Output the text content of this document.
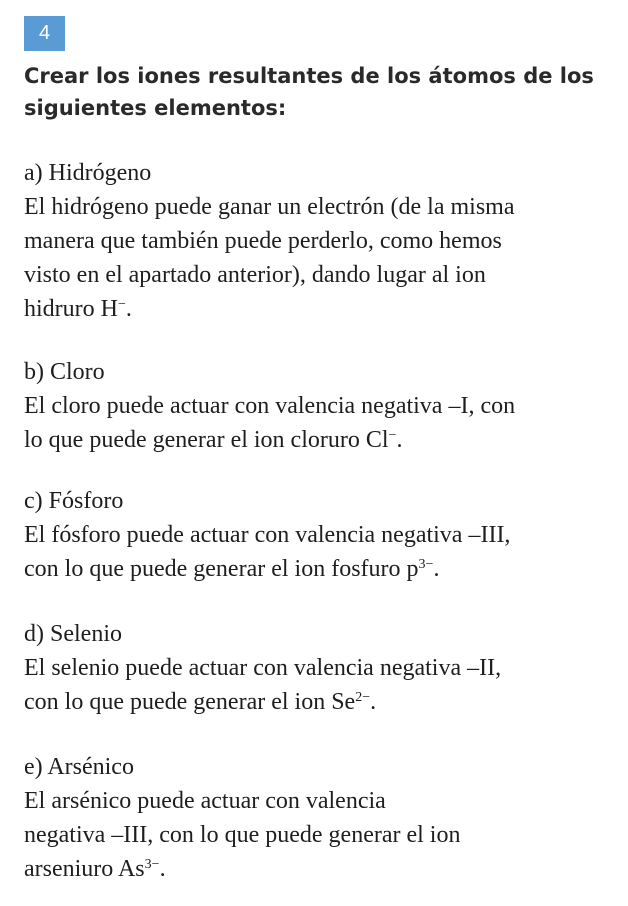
4
Crear los iones resultantes de los átomos de los
siguientes elementos:
a) Hidrógeno
El hidrógeno puede ganar un electrón (de la misma
manera que también puede perderlo, como hemos
visto en el apartado anterior), dando lugar al ion
hidruro H−.
b) Cloro
El cloro puede actuar con valencia negativa –I, con
lo que puede generar el ion cloruro Cl−.
c) Fósforo
El fósforo puede actuar con valencia negativa –III,
con lo que puede generar el ion fosfuro $p^{3-}$.
d) Selenio
El selenio puede actuar con valencia negativa –II,
con lo que puede generar el ion $Se^{2-}$.
e) Arsénico
El arsénico puede actuar con valencia
negativa –III, con lo que puede generar el ion
arseniuro $As^{3-}$.
